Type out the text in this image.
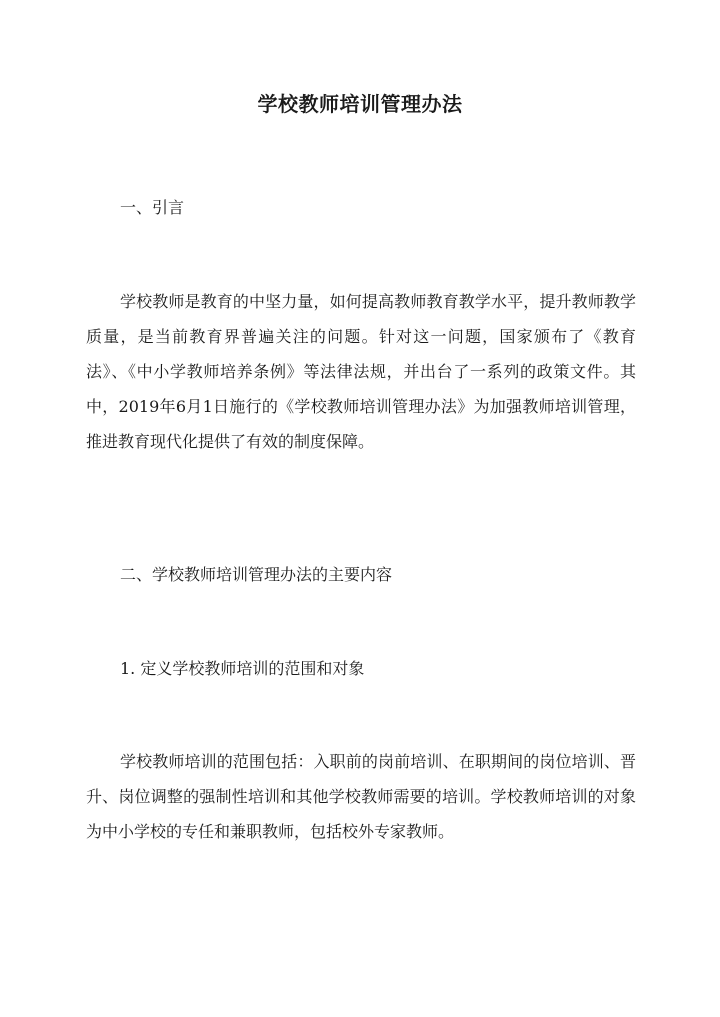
学校教师培训管理办法
一、引言
学校教师是教育的中坚力量，如何提高教师教育教学水平，提升教师教学质量，是当前教育界普遍关注的问题。针对这一问题，国家颁布了《教育法》、《中小学教师培养条例》等法律法规，并出台了一系列的政策文件。其中，2019年6月1日施行的《学校教师培训管理办法》为加强教师培训管理，推进教育现代化提供了有效的制度保障。
二、学校教师培训管理办法的主要内容
1. 定义学校教师培训的范围和对象
学校教师培训的范围包括：入职前的岗前培训、在职期间的岗位培训、晋升、岗位调整的强制性培训和其他学校教师需要的培训。学校教师培训的对象为中小学校的专任和兼职教师，包括校外专家教师。
